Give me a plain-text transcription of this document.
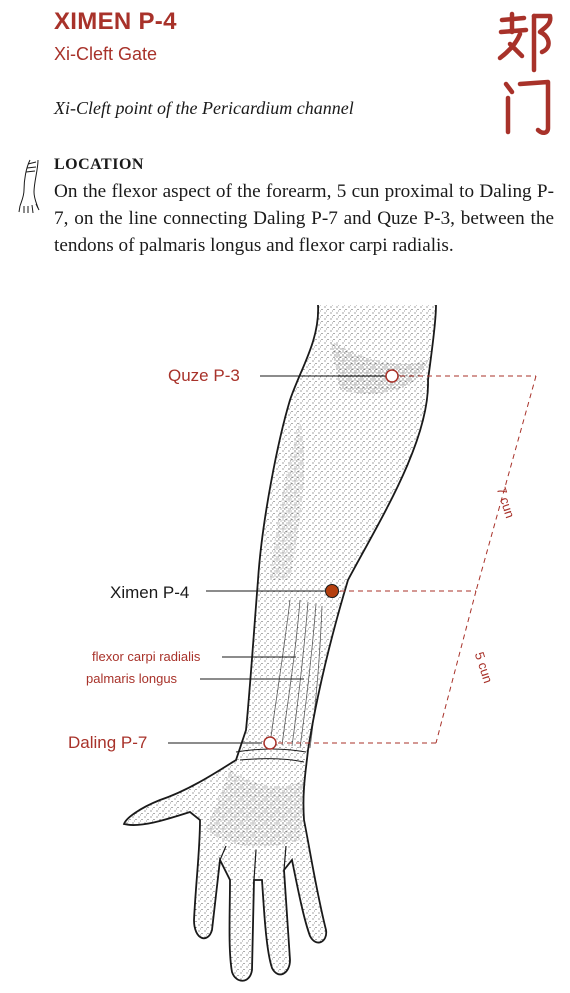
XIMEN P-4
Xi-Cleft Gate
Xi-Cleft point of the Pericardium channel
LOCATION
On the flexor aspect of the forearm, 5 cun proximal to Daling P-7, on the line connecting Daling P-7 and Quze P-3, between the tendons of palmaris longus and flexor carpi radialis.
Quze P-3
Ximen P-4
flexor carpi radialis
palmaris longus
Daling P-7
7 cun
5 cun
